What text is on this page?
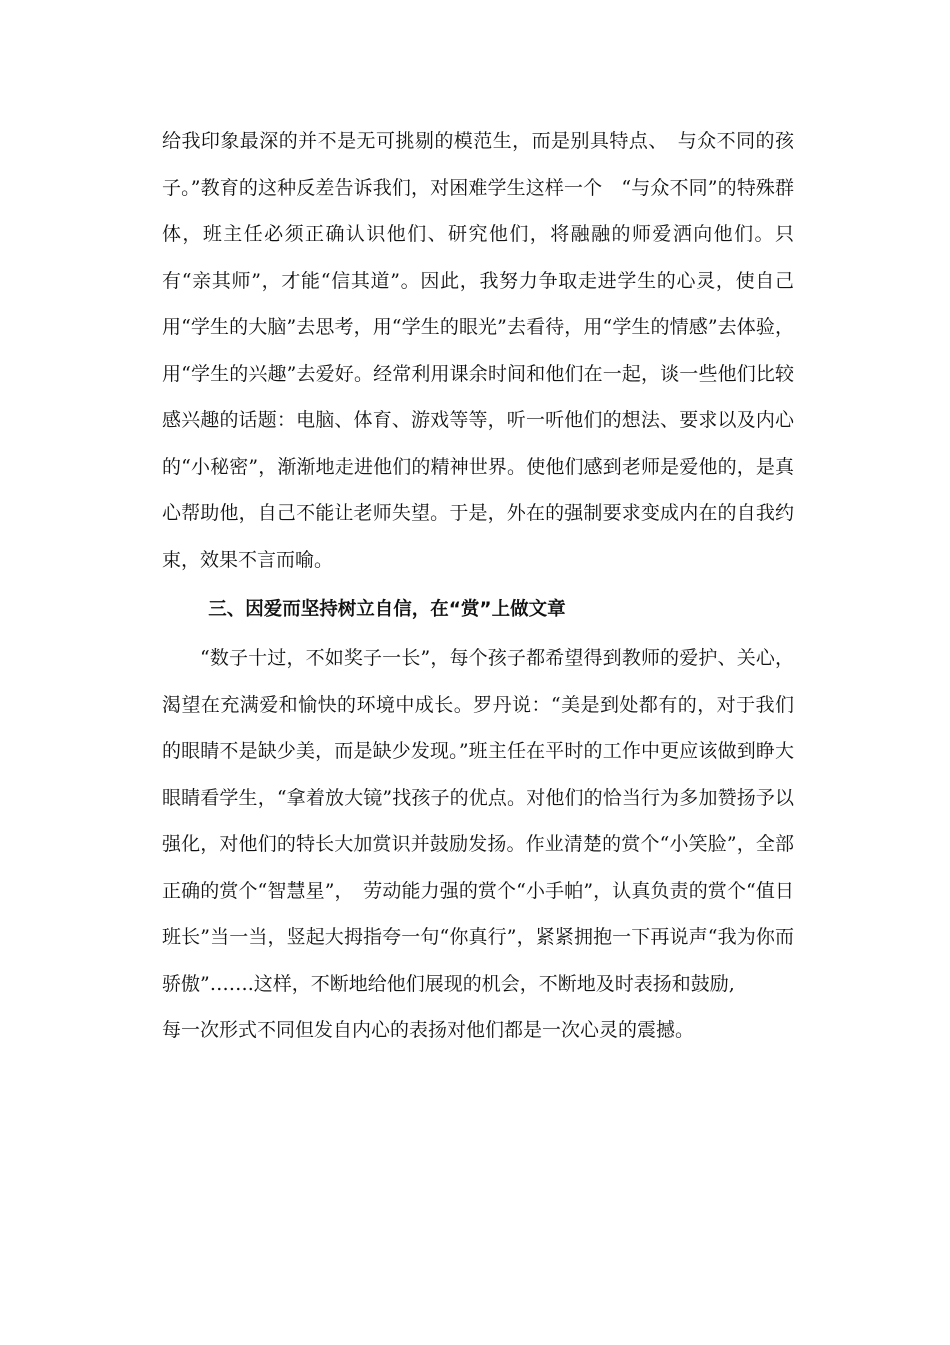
给我印象最深的并不是无可挑剔的模范生，而是别具特点、　与众不同的孩子。”教育的这种反差告诉我们，对困难学生这样一个　“与众不同”的特殊群体，班主任必须正确认识他们、研究他们，将融融的师爱洒向他们。只有“亲其师”，才能“信其道”。因此，我努力争取走进学生的心灵，使自己用“学生的大脑”去思考，用“学生的眼光”去看待，用“学生的情感”去体验，用“学生的兴趣”去爱好。经常利用课余时间和他们在一起，谈一些他们比较感兴趣的话题：电脑、体育、游戏等等，听一听他们的想法、要求以及内心的“小秘密”，渐渐地走进他们的精神世界。使他们感到老师是爱他的，是真心帮助他，自己不能让老师失望。于是，外在的强制要求变成内在的自我约束，效果不言而喻。

三、因爱而坚持树立自信，在“赏”上做文章

“数子十过，不如奖子一长”，每个孩子都希望得到教师的爱护、关心，渴望在充满爱和愉快的环境中成长。罗丹说：“美是到处都有的，对于我们的眼睛不是缺少美，而是缺少发现。”班主任在平时的工作中更应该做到睁大眼睛看学生，“拿着放大镜”找孩子的优点。对他们的恰当行为多加赞扬予以强化，对他们的特长大加赏识并鼓励发扬。作业清楚的赏个“小笑脸”，全部正确的赏个“智慧星”，　劳动能力强的赏个“小手帕”，认真负责的赏个“值日班长”当一当，竖起大拇指夸一句“你真行”，紧紧拥抱一下再说声“我为你而骄傲”…….这样，不断地给他们展现的机会，不断地及时表扬和鼓励,

每一次形式不同但发自内心的表扬对他们都是一次心灵的震撼。
